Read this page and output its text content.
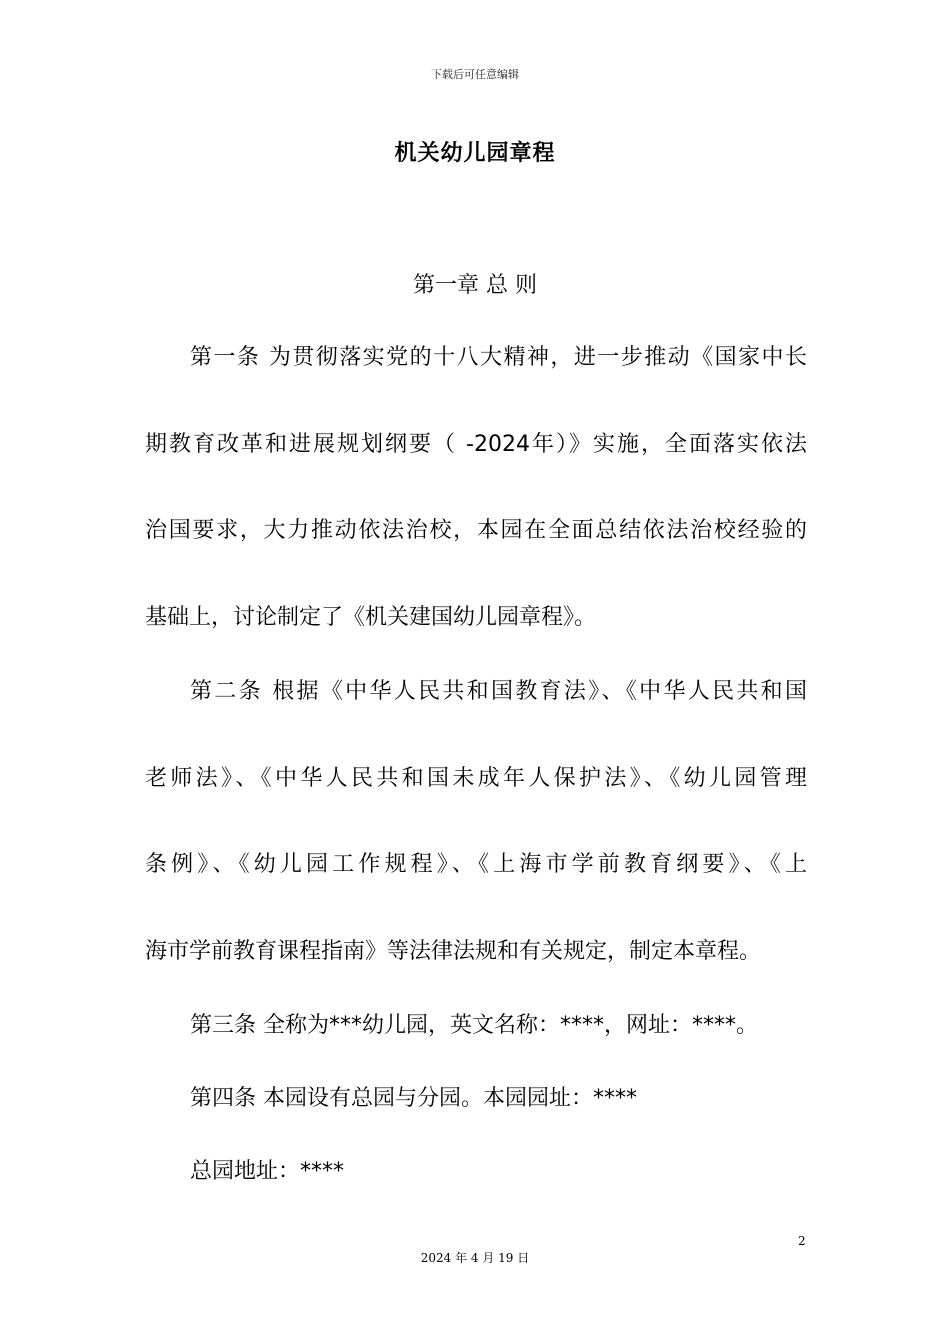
下载后可任意编辑
机关幼儿园章程
第一章 总 则
第一条 为贯彻落实党的十八大精神，进一步推动《国家中长
期教育改革和进展规划纲要（ -2024年）》实施，全面落实依法
治国要求，大力推动依法治校，本园在全面总结依法治校经验的
基础上，讨论制定了《机关建国幼儿园章程》。
第二条 根据《中华人民共和国教育法》、《中华人民共和国
老师法》、《中华人民共和国未成年人保护法》、《幼儿园管理
条例》、《幼儿园工作规程》、《上海市学前教育纲要》、《上
海市学前教育课程指南》等法律法规和有关规定，制定本章程。
第三条 全称为***幼儿园，英文名称：****，网址：****。
第四条 本园设有总园与分园。本园园址：****
总园地址：****
2
2024 年 4 月 19 日
